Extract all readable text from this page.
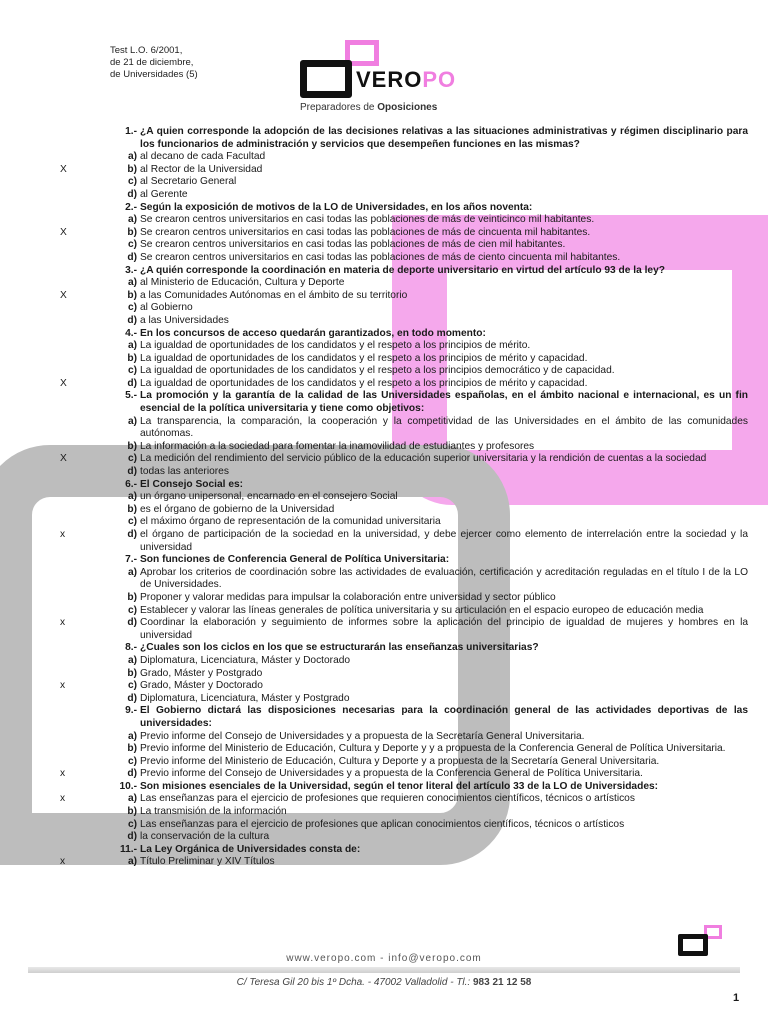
Test L.O. 6/2001,
de 21 de diciembre,
de Universidades (5)	VEROPO
Preparadores de Oposiciones
1.- ¿A quien corresponde la adopción de las decisiones relativas a las situaciones administrativas y régimen disciplinario para los funcionarios de administración y servicios que desempeñen funciones en las mismas?
a) al decano de cada Facultad
X	b) al Rector de la Universidad
c) al Secretario General
d) al Gerente
2.- Según la exposición de motivos de la LO de Universidades, en los años noventa:
a) Se crearon centros universitarios en casi todas las poblaciones de más de veinticinco mil habitantes.
X	b) Se crearon centros universitarios en casi todas las poblaciones de más de cincuenta mil habitantes.
c) Se crearon centros universitarios en casi todas las poblaciones de más de cien mil habitantes.
d) Se crearon centros universitarios en casi todas las poblaciones de más de ciento cincuenta mil habitantes.
3.- ¿A quién corresponde la coordinación en materia de deporte universitario en virtud del artículo 93 de la ley?
a) al Ministerio de Educación, Cultura y Deporte
X	b) a las Comunidades Autónomas en el ámbito de su territorio
c) al Gobierno
d) a las Universidades
4.- En los concursos de acceso quedarán garantizados, en todo momento:
a) La igualdad de oportunidades de los candidatos y el respeto a los principios de mérito.
b) La igualdad de oportunidades de los candidatos y el respeto a los principios de mérito y capacidad.
c) La igualdad de oportunidades de los candidatos y el respeto a los principios democrático y de capacidad.
X	d) La igualdad de oportunidades de los candidatos y el respeto a los principios de mérito y capacidad.
5.- La promoción y la garantía de la calidad de las Universidades españolas, en el ámbito nacional e internacional, es un fin esencial de la política universitaria y tiene como objetivos:
a) La transparencia, la comparación, la cooperación y la competitividad de las Universidades en el ámbito de las comunidades autónomas.
b) La información a la sociedad para fomentar la inamovilidad de estudiantes y profesores
X	c) La medición del rendimiento del servicio público de la educación superior universitaria y la rendición de cuentas a la sociedad
d) todas las anteriores
6.- El Consejo Social es:
a) un órgano unipersonal, encarnado en el consejero Social
b) es el órgano de gobierno de la Universidad
c) el máximo órgano de representación de la comunidad universitaria
x	d) el órgano de participación de la sociedad en la universidad, y debe ejercer como elemento de interrelación entre la sociedad y la universidad
7.- Son funciones de Conferencia General de Política Universitaria:
a) Aprobar los criterios de coordinación sobre las actividades de evaluación, certificación y acreditación reguladas en el título I de la LO de Universidades.
b) Proponer y valorar medidas para impulsar la colaboración entre universidad y sector público
c) Establecer y valorar las líneas generales de política universitaria y su articulación en el espacio europeo de educación media
x	d) Coordinar la elaboración y seguimiento de informes sobre la aplicación del principio de igualdad de mujeres y hombres en la universidad
8.- ¿Cuales son los ciclos en los que se estructurarán las enseñanzas universitarias?
a) Diplomatura, Licenciatura, Máster y Doctorado
b) Grado, Máster y Postgrado
x	c) Grado, Máster y Doctorado
d) Diplomatura, Licenciatura, Máster y Postgrado
9.- El Gobierno dictará las disposiciones necesarias para la coordinación general de las actividades deportivas de las universidades:
a) Previo informe del Consejo de Universidades y a propuesta de la Secretaría General Universitaria.
b) Previo informe del Ministerio de Educación, Cultura y Deporte y y a propuesta de la Conferencia General de Política Universitaria.
c) Previo informe del Ministerio de Educación, Cultura y Deporte y a propuesta de la Secretaría General Universitaria.
x	d) Previo informe del Consejo de Universidades y a propuesta de la Conferencia General de Política Universitaria.
10.- Son misiones esenciales de la Universidad, según el tenor literal del artículo 33 de la LO de Universidades:
x	a) Las enseñanzas para el ejercicio de profesiones que requieren conocimientos científicos, técnicos o artísticos
b) La transmisión de la información
c) Las enseñanzas para el ejercicio de profesiones que aplican conocimientos científicos, técnicos o artísticos
d) la conservación de la cultura
11.- La Ley Orgánica de Universidades consta de:
x	a) Título Preliminar y XIV Títulos
www.veropo.com - info@veropo.com
C/ Teresa Gil 20 bis 1º Dcha. - 47002 Valladolid - Tl.: 983 21 12 58
1
